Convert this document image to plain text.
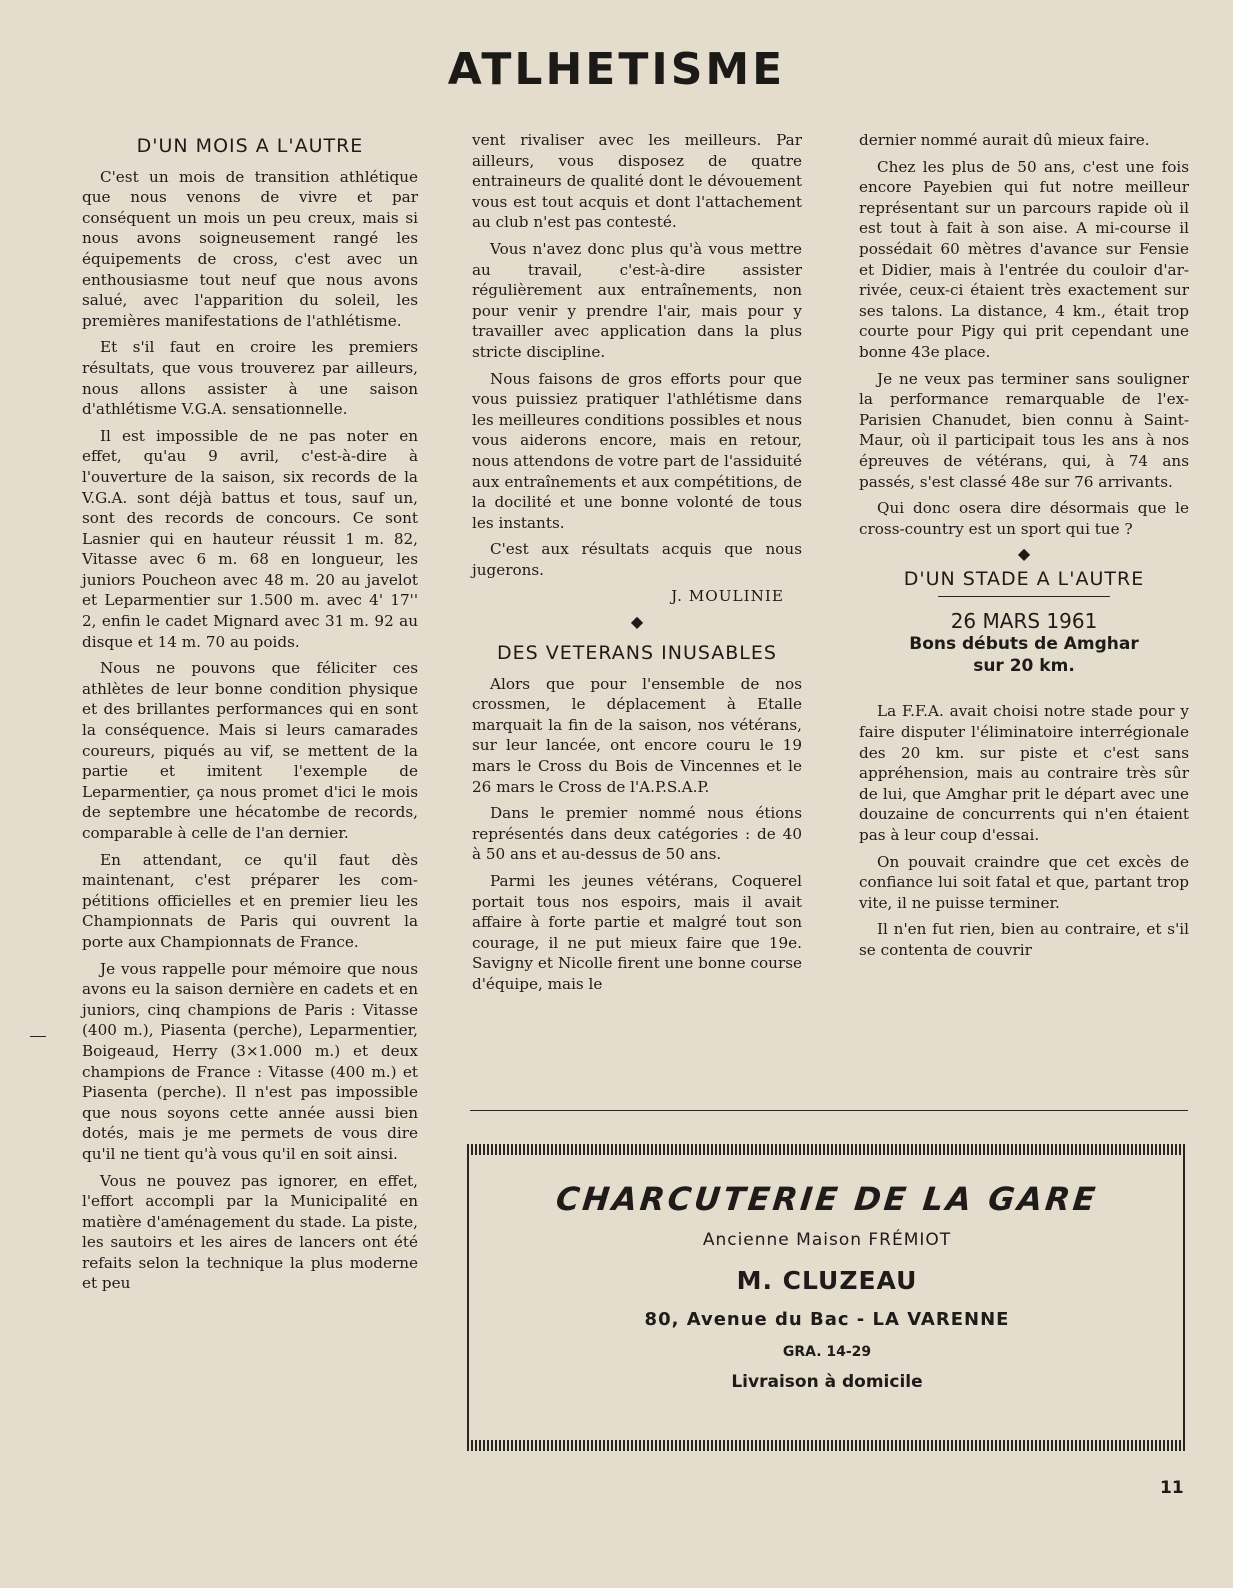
ATLHETISME
D'UN MOIS A L'AUTRE

C'est un mois de transition athlétique que nous venons de vivre et par conséquent un mois un peu creux, mais si nous avons soigneusement rangé les équipements de cross, c'est avec un enthousiasme tout neuf que nous avons salué, avec l'apparition du soleil, les premières manifestations de l'athlétisme.

Et s'il faut en croire les premiers résultats, que vous trouverez par ailleurs, nous allons assister à une saison d'athlétisme V.G.A. sensationnelle.

Il est impossible de ne pas noter en effet, qu'au 9 avril, c'est-à-dire à l'ouverture de la saison, six records de la V.G.A. sont déjà battus et tous, sauf un, sont des records de concours. Ce sont Lasnier qui en hauteur réussit 1 m. 82, Vitasse avec 6 m. 68 en longueur, les juniors Poucheon avec 48 m. 20 au javelot et Leparmentier sur 1.500 m. avec 4' 17'' 2, enfin le cadet Mignard avec 31 m. 92 au disque et 14 m. 70 au poids.

Nous ne pouvons que féliciter ces athlètes de leur bonne condition physique et des brillantes performances qui en sont la conséquence. Mais si leurs camarades coureurs, piqués au vif, se mettent de la partie et imitent l'exemple de Leparmentier, ça nous promet d'ici le mois de septembre une hécatombe de records, comparable à celle de l'an dernier.

En attendant, ce qu'il faut dès maintenant, c'est préparer les compétitions officielles et en premier lieu les Championnats de Paris qui ouvrent la porte aux Championnats de France.

Je vous rappelle pour mémoire que nous avons eu la saison dernière en cadets et en juniors, cinq champions de Paris : Vitasse (400 m.), Piasenta (perche), Leparmentier, Boigeaud, Herry (3×1.000 m.) et deux champions de France : Vitasse (400 m.) et Piasenta (perche). Il n'est pas impossible que nous soyons cette année aussi bien dotés, mais je me permets de vous dire qu'il ne tient qu'à vous qu'il en soit ainsi.

Vous ne pouvez pas ignorer, en effet, l'effort accompli par la Municipalité en matière d'aménagement du stade. La piste, les sautoirs et les aires de lancers ont été refaits selon la technique la plus moderne et peu

vent rivaliser avec les meilleurs. Par ailleurs, vous disposez de quatre entraineurs de qualité dont le dévouement vous est tout acquis et dont l'attachement au club n'est pas contesté.

Vous n'avez donc plus qu'à vous mettre au travail, c'est-à-dire assister régulièrement aux entraînements, non pour venir y prendre l'air, mais pour y travailler avec application dans la plus stricte discipline.

Nous faisons de gros efforts pour que vous puissiez pratiquer l'athlétisme dans les meilleures conditions possibles et nous vous aiderons encore, mais en retour, nous attendons de votre part de l'assiduité aux entraînements et aux compétitions, de la docilité et une bonne volonté de tous les instants.

C'est aux résultats acquis que nous jugerons.

J. MOULINIE

◆
DES VETERANS INUSABLES

Alors que pour l'ensemble de nos crossmen, le déplacement à Etalle marquait la fin de la saison, nos vétérans, sur leur lancée, ont encore couru le 19 mars le Cross du Bois de Vincennes et le 26 mars le Cross de l'A.P.S.A.P.

Dans le premier nommé nous étions représentés dans deux catégories : de 40 à 50 ans et au-dessus de 50 ans.

Parmi les jeunes vétérans, Coquerel portait tous nos espoirs, mais il avait affaire à forte partie et malgré tout son courage, il ne put mieux faire que 19e. Savigny et Nicolle firent une bonne course d'équipe, mais le

dernier nommé aurait dû mieux faire.

Chez les plus de 50 ans, c'est une fois encore Payebien qui fut notre meilleur représentant sur un parcours rapide où il est tout à fait à son aise. A mi-course il possédait 60 mètres d'avance sur Fensie et Didier, mais à l'entrée du couloir d'arrivée, ceux-ci étaient très exactement sur ses talons. La distance, 4 km., était trop courte pour Pigy qui prit cependant une bonne 43e place.

Je ne veux pas terminer sans souligner la performance remarquable de l'ex-Parisien Chanudet, bien connu à Saint-Maur, où il participait tous les ans à nos épreuves de vétérans, qui, à 74 ans passés, s'est classé 48e sur 76 arrivants.

Qui donc osera dire désormais que le cross-country est un sport qui tue ?

◆
D'UN STADE A L'AUTRE
26 MARS 1961
Bons débuts de Amghar
sur 20 km.

La F.F.A. avait choisi notre stade pour y faire disputer l'éliminatoire interrégionale des 20 km. sur piste et c'est sans appréhension, mais au contraire très sûr de lui, que Amghar prit le départ avec une douzaine de concurrents qui n'en étaient pas à leur coup d'essai.

On pouvait craindre que cet excès de confiance lui soit fatal et que, partant trop vite, il ne puisse terminer.

Il n'en fut rien, bien au contraire, et s'il se contenta de couvrir

CHARCUTERIE DE LA GARE
Ancienne Maison FRÉMIOT
M. CLUZEAU
80, Avenue du Bac - LA VARENNE
GRA. 14-29
Livraison à domicile
11
